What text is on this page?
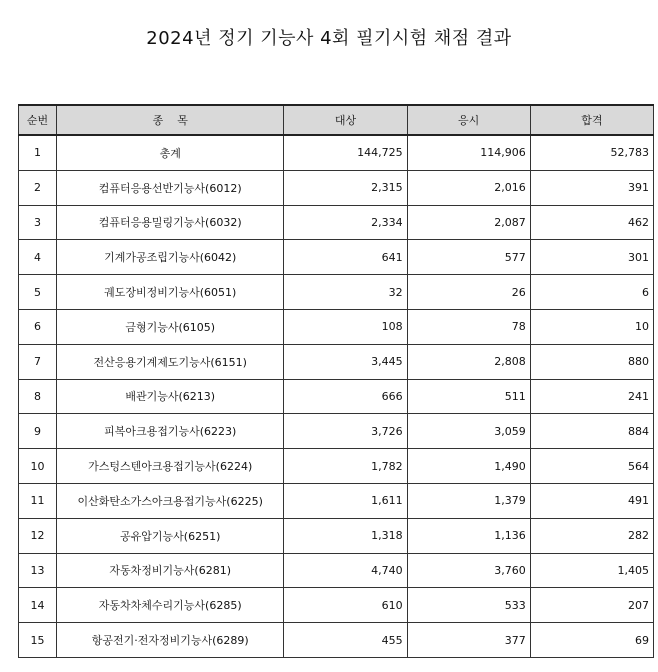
2024년 정기 기능사 4회 필기시험 채점 결과
순번	종    목	대상	응시	합격
1	총계	144,725	114,906	52,783
2	컴퓨터응용선반기능사(6012)	2,315	2,016	391
3	컴퓨터응용밀링기능사(6032)	2,334	2,087	462
4	기계가공조립기능사(6042)	641	577	301
5	궤도장비정비기능사(6051)	32	26	6
6	금형기능사(6105)	108	78	10
7	전산응용기계제도기능사(6151)	3,445	2,808	880
8	배관기능사(6213)	666	511	241
9	피복아크용접기능사(6223)	3,726	3,059	884
10	가스텅스텐아크용접기능사(6224)	1,782	1,490	564
11	이산화탄소가스아크용접기능사(6225)	1,611	1,379	491
12	공유압기능사(6251)	1,318	1,136	282
13	자동차정비기능사(6281)	4,740	3,760	1,405
14	자동차차체수리기능사(6285)	610	533	207
15	항공전기·전자정비기능사(6289)	455	377	69
